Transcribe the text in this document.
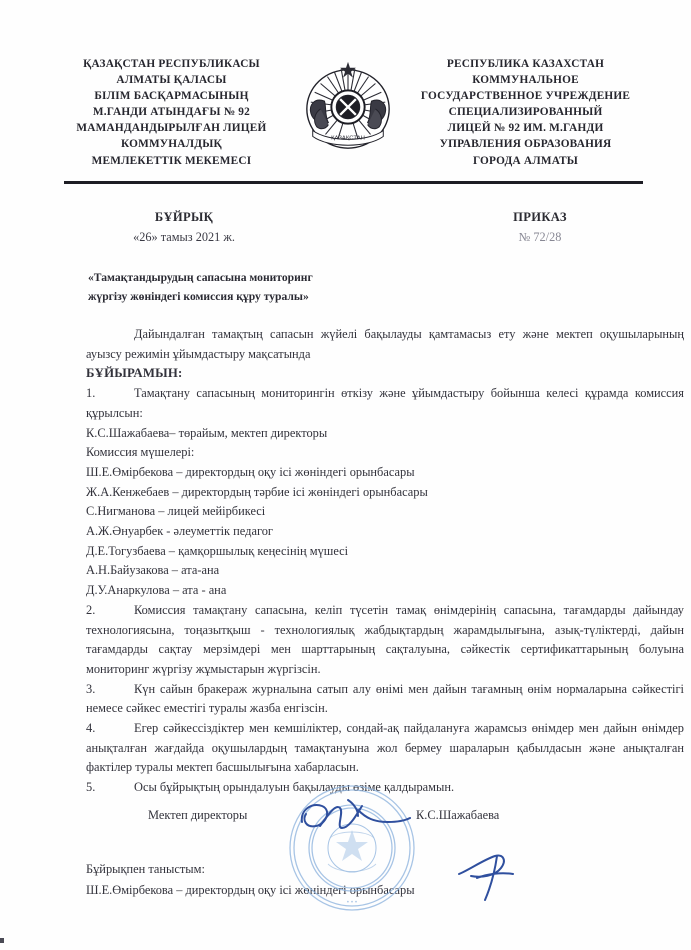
ҚАЗАҚСТАН РЕСПУБЛИКАСЫ
АЛМАТЫ ҚАЛАСЫ
БІЛІМ БАСҚАРМАСЫНЫҢ
М.ГАНДИ АТЫНДАҒЫ № 92
МАМАНДАНДЫРЫЛҒАН ЛИЦЕЙ
КОММУНАЛДЫҚ
МЕМЛЕКЕТТІК МЕКЕМЕСІ
ҚАЗАҚСТАН
РЕСПУБЛИКА КАЗАХСТАН
КОММУНАЛЬНОЕ
ГОСУДАРСТВЕННОЕ УЧРЕЖДЕНИЕ
СПЕЦИАЛИЗИРОВАННЫЙ
ЛИЦЕЙ № 92 ИМ. М.ГАНДИ
УПРАВЛЕНИЯ ОБРАЗОВАНИЯ
ГОРОДА АЛМАТЫ
БҰЙРЫҚ
«26» тамыз 2021 ж.
ПРИКАЗ
№ 72/28
«Тамақтандырудың сапасына мониторинг
жүргізу жөніндегі комиссия құру туралы»

Дайындалған тамақтың сапасын жүйелі бақылауды қамтамасыз ету және мектеп оқушыларының ауызсу режимін ұйымдастыру мақсатында

БҰЙЫРАМЫН:

1.	Тамақтану сапасының мониторингін өткізу және ұйымдастыру бойынша келесі құрамда комиссия құрылсын:

К.С.Шажабаева– төрайым, мектеп директоры

Комиссия мүшелері:

Ш.Е.Өмірбекова – директордың оқу ісі жөніндегі орынбасары

Ж.А.Кенжебаев – директордың тәрбие ісі жөніндегі орынбасары

С.Нигманова – лицей мейірбикесі

А.Ж.Әнуарбек - әлеуметтік педагог

Д.Е.Тогузбаева – қамқоршылық кеңесінің мүшесі

А.Н.Байузакова – ата-ана

Д.У.Анаркулова – ата - ана

2.	Комиссия тамақтану сапасына, келіп түсетін тамақ өнімдерінің сапасына, тағамдарды дайындау технологиясына, тоңазытқыш - технологиялық жабдықтардың жарамдылығына, азық-түліктерді, дайын тағамдарды сақтау мерзімдері мен шарттарының сақталуына, сәйкестік сертификаттарының болуына мониторинг жүргізу жұмыстарын жүргізсін.

3.	Күн сайын бракераж журналына сатып алу өнімі мен дайын тағамның өнім нормаларына сәйкестігі немесе сәйкес еместігі туралы жазба енгізсін.

4.	Егер сәйкессіздіктер мен кемшіліктер, сондай-ақ пайдалануға жарамсыз өнімдер мен дайын өнімдер анықталған жағдайда оқушылардың тамақтануына жол бермеу шараларын қабылдасын және анықталған фактілер туралы мектеп басшылығына хабарласын.

5.	Осы бұйрықтың орындалуын бақылауды өзіме қалдырамын.

Мектеп директоры	К.С.Шажабаева

Бұйрықпен таныстым:

Ш.Е.Өмірбекова – директордың оқу ісі жөніндегі орынбасары

• • •
